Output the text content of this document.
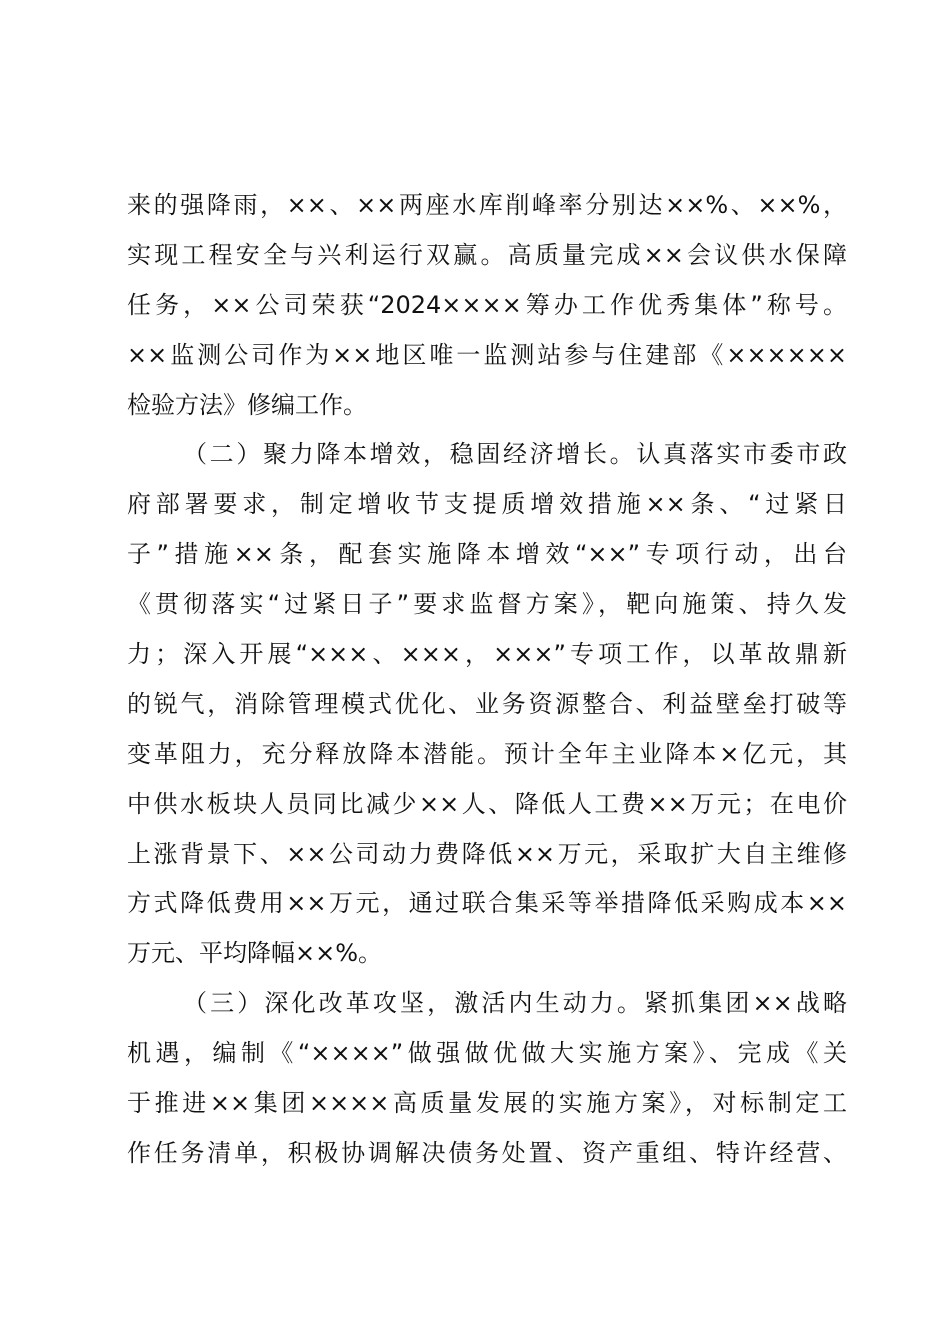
来的强降雨，××、××两座水库削峰率分别达××%、××%，
实现工程安全与兴利运行双赢。高质量完成××会议供水保障
任务，××公司荣获“2024××××筹办工作优秀集体”称号。
××监测公司作为××地区唯一监测站参与住建部《××××××
检验方法》修编工作。
（二）聚力降本增效，稳固经济增长。认真落实市委市政
府部署要求，制定增收节支提质增效措施××条、“过紧日
子”措施××条，配套实施降本增效“××”专项行动，出台
《贯彻落实“过紧日子”要求监督方案》，靶向施策、持久发
力；深入开展“×××、×××，×××”专项工作，以革故鼎新
的锐气，消除管理模式优化、业务资源整合、利益壁垒打破等
变革阻力，充分释放降本潜能。预计全年主业降本×亿元，其
中供水板块人员同比减少××人、降低人工费××万元；在电价
上涨背景下、××公司动力费降低××万元，采取扩大自主维修
方式降低费用××万元，通过联合集采等举措降低采购成本××
万元、平均降幅××%。
（三）深化改革攻坚，激活内生动力。紧抓集团××战略
机遇，编制《“××××”做强做优做大实施方案》、完成《关
于推进××集团××××高质量发展的实施方案》，对标制定工
作任务清单，积极协调解决债务处置、资产重组、特许经营、
